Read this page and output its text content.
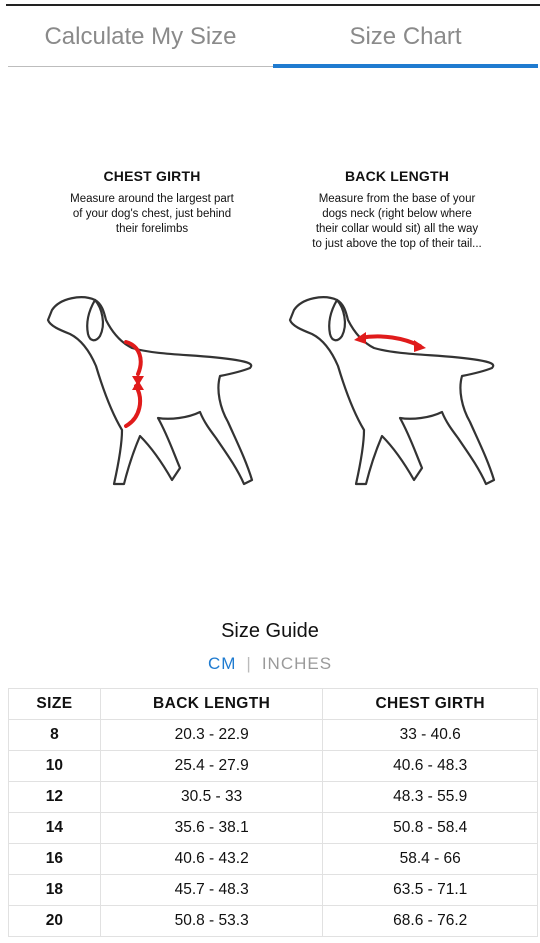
Calculate My Size	Size Chart
CHEST GIRTH
Measure around the largest part of your dog's chest, just behind their forelimbs
BACK LENGTH
Measure from the base of your dogs neck (right below where their collar would sit) all the way to just above the top of their tail...
Size Guide
CM | INCHES
SIZE	BACK LENGTH	CHEST GIRTH
8	20.3 - 22.9	33 - 40.6
10	25.4 - 27.9	40.6 - 48.3
12	30.5 - 33	48.3 - 55.9
14	35.6 - 38.1	50.8 - 58.4
16	40.6 - 43.2	58.4 - 66
18	45.7 - 48.3	63.5 - 71.1
20	50.8 - 53.3	68.6 - 76.2
